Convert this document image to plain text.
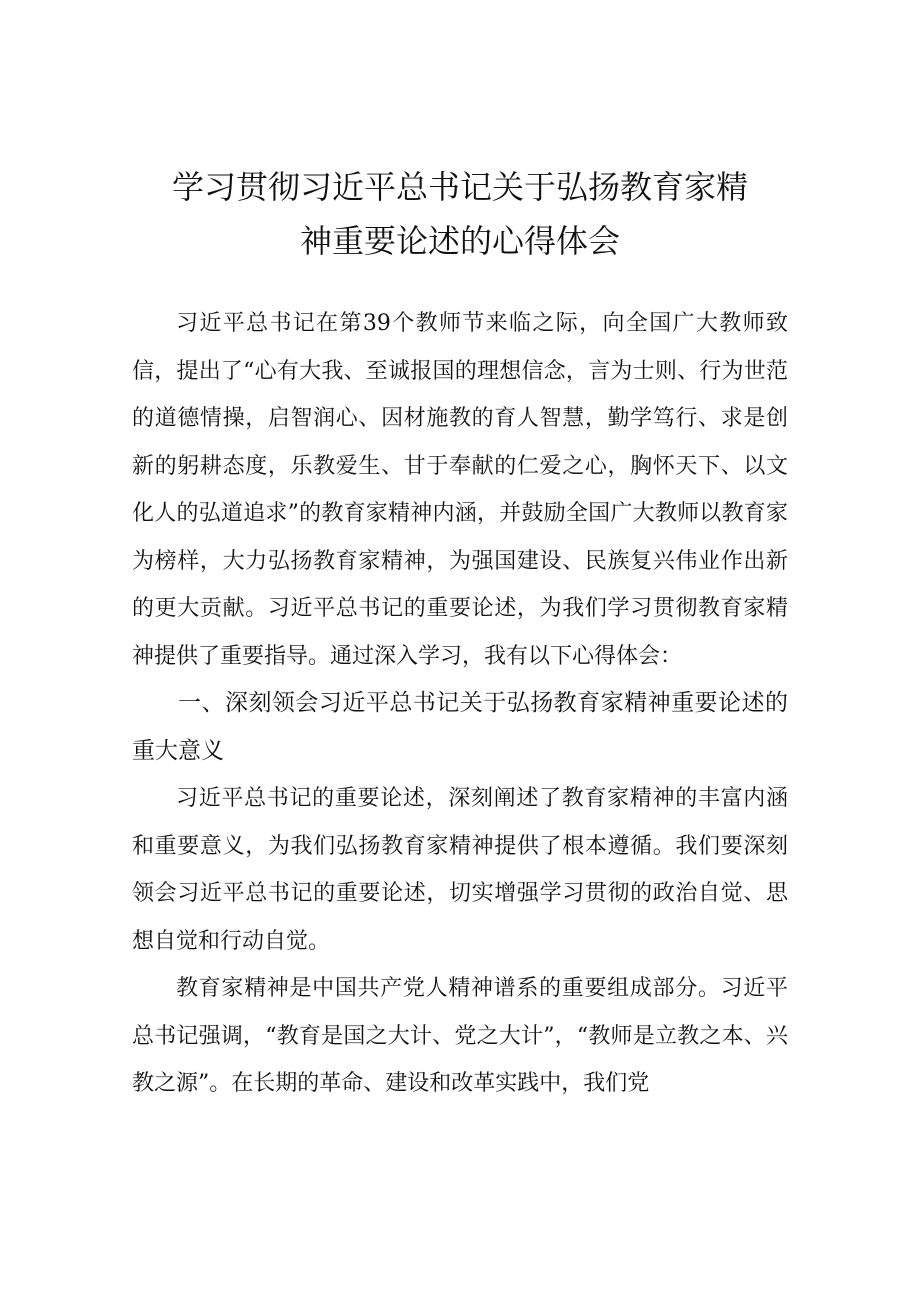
学习贯彻习近平总书记关于弘扬教育家精
神重要论述的心得体会

习近平总书记在第39个教师节来临之际，向全国广大教师致信，提出了“心有大我、至诚报国的理想信念，言为士则、行为世范的道德情操，启智润心、因材施教的育人智慧，勤学笃行、求是创新的躬耕态度，乐教爱生、甘于奉献的仁爱之心，胸怀天下、以文化人的弘道追求”的教育家精神内涵，并鼓励全国广大教师以教育家为榜样，大力弘扬教育家精神，为强国建设、民族复兴伟业作出新的更大贡献。习近平总书记的重要论述，为我们学习贯彻教育家精神提供了重要指导。通过深入学习，我有以下心得体会：

一、深刻领会习近平总书记关于弘扬教育家精神重要论述的重大意义

习近平总书记的重要论述，深刻阐述了教育家精神的丰富内涵和重要意义，为我们弘扬教育家精神提供了根本遵循。我们要深刻领会习近平总书记的重要论述，切实增强学习贯彻的政治自觉、思想自觉和行动自觉。

教育家精神是中国共产党人精神谱系的重要组成部分。习近平总书记强调，“教育是国之大计、党之大计”，“教师是立教之本、兴教之源”。在长期的革命、建设和改革实践中，我们党
